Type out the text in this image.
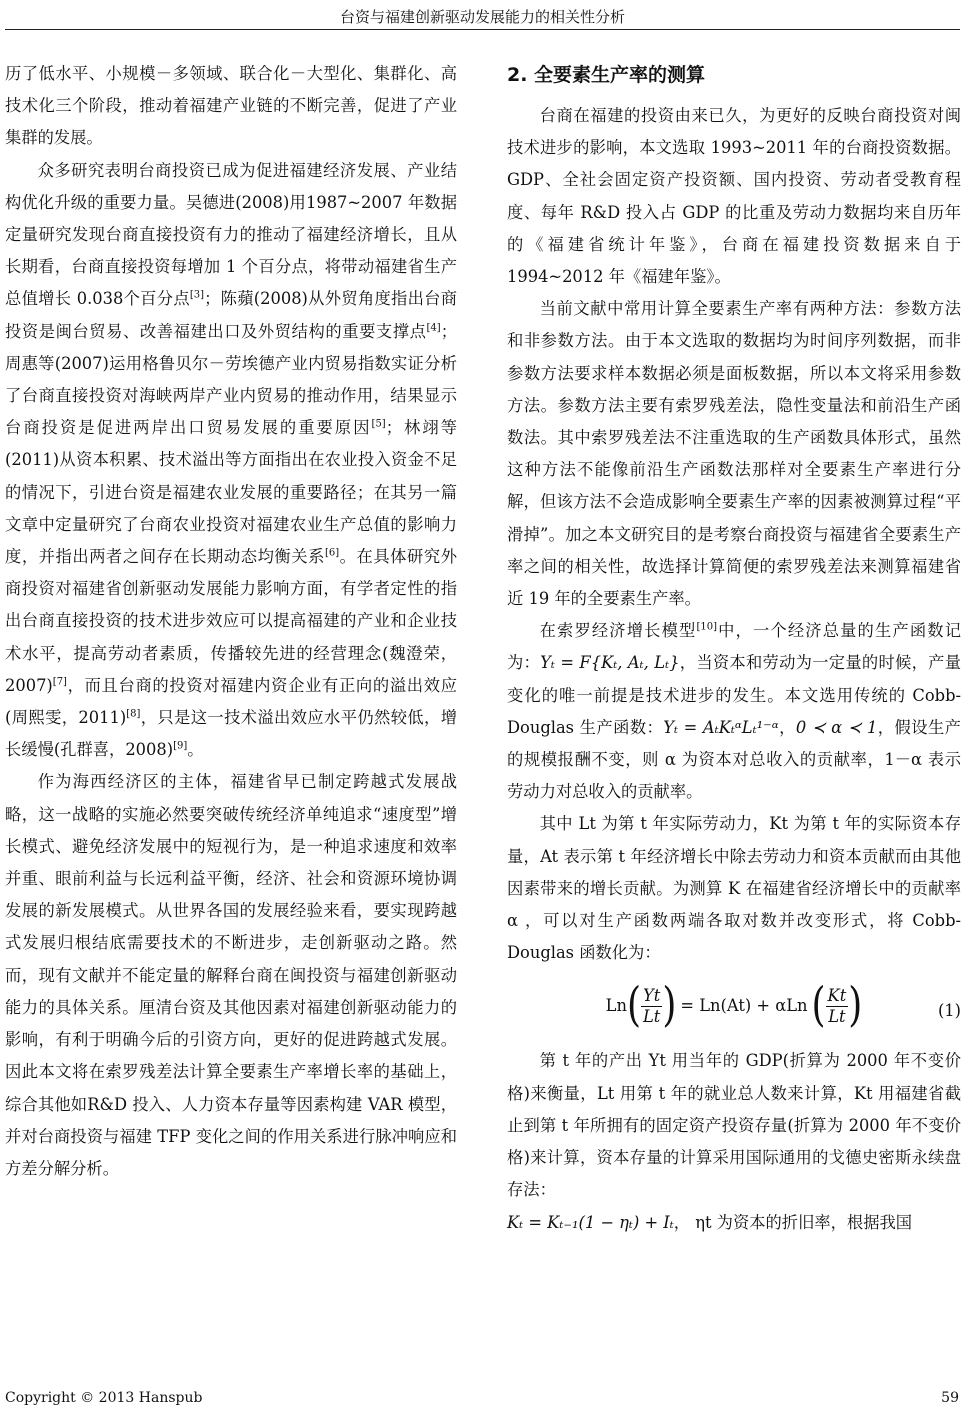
台资与福建创新驱动发展能力的相关性分析

历了低水平、小规模－多领域、联合化－大型化、集群化、高技术化三个阶段，推动着福建产业链的不断完善，促进了产业集群的发展。

众多研究表明台商投资已成为促进福建经济发展、产业结构优化升级的重要力量。吴德进(2008)用1987~2007 年数据定量研究发现台商直接投资有力的推动了福建经济增长，且从长期看，台商直接投资每增加 1 个百分点，将带动福建省生产总值增长 0.038个百分点[3]；陈蘋(2008)从外贸角度指出台商投资是闽台贸易、改善福建出口及外贸结构的重要支撑点[4]；周惠等(2007)运用格鲁贝尔－劳埃德产业内贸易指数实证分析了台商直接投资对海峡两岸产业内贸易的推动作用，结果显示台商投资是促进两岸出口贸易发展的重要原因[5]；林翊等(2011)从资本积累、技术溢出等方面指出在农业投入资金不足的情况下，引进台资是福建农业发展的重要路径；在其另一篇文章中定量研究了台商农业投资对福建农业生产总值的影响力度，并指出两者之间存在长期动态均衡关系[6]。在具体研究外商投资对福建省创新驱动发展能力影响方面，有学者定性的指出台商直接投资的技术进步效应可以提高福建的产业和企业技术水平，提高劳动者素质，传播较先进的经营理念(魏澄荣，2007)[7]，而且台商的投资对福建内资企业有正向的溢出效应(周熙雯，2011)[8]，只是这一技术溢出效应水平仍然较低，增长缓慢(孔群喜，2008)[9]。

作为海西经济区的主体，福建省早已制定跨越式发展战略，这一战略的实施必然要突破传统经济单纯追求“速度型”增长模式、避免经济发展中的短视行为，是一种追求速度和效率并重、眼前利益与长远利益平衡，经济、社会和资源环境协调发展的新发展模式。从世界各国的发展经验来看，要实现跨越式发展归根结底需要技术的不断进步，走创新驱动之路。然而，现有文献并不能定量的解释台商在闽投资与福建创新驱动能力的具体关系。厘清台资及其他因素对福建创新驱动能力的影响，有利于明确今后的引资方向，更好的促进跨越式发展。因此本文将在索罗残差法计算全要素生产率增长率的基础上，综合其他如R&D 投入、人力资本存量等因素构建 VAR 模型，并对台商投资与福建 TFP 变化之间的作用关系进行脉冲响应和方差分解分析。

2. 全要素生产率的测算

台商在福建的投资由来已久，为更好的反映台商投资对闽技术进步的影响，本文选取 1993~2011 年的台商投资数据。GDP、全社会固定资产投资额、国内投资、劳动者受教育程度、每年 R&D 投入占 GDP 的比重及劳动力数据均来自历年的《福建省统计年鉴》，台商在福建投资数据来自于 1994~2012 年《福建年鉴》。

当前文献中常用计算全要素生产率有两种方法：参数方法和非参数方法。由于本文选取的数据均为时间序列数据，而非参数方法要求样本数据必须是面板数据，所以本文将采用参数方法。参数方法主要有索罗残差法，隐性变量法和前沿生产函数法。其中索罗残差法不注重选取的生产函数具体形式，虽然这种方法不能像前沿生产函数法那样对全要素生产率进行分解，但该方法不会造成影响全要素生产率的因素被测算过程“平滑掉”。加之本文研究目的是考察台商投资与福建省全要素生产率之间的相关性，故选择计算简便的索罗残差法来测算福建省近 19 年的全要素生产率。

在索罗经济增长模型[10]中，一个经济总量的生产函数记为：Yₜ = F{Kₜ, Aₜ, Lₜ}，当资本和劳动为一定量的时候，产量变化的唯一前提是技术进步的发生。本文选用传统的 Cobb-Douglas 生产函数：Yₜ = AₜKₜᵅLₜ¹⁻ᵅ，0 ≺ α ≺ 1，假设生产的规模报酬不变，则 α 为资本对总收入的贡献率，1－α 表示劳动力对总收入的贡献率。

其中 Lt 为第 t 年实际劳动力，Kt 为第 t 年的实际资本存量，At 表示第 t 年经济增长中除去劳动力和资本贡献而由其他因素带来的增长贡献。为测算 K 在福建省经济增长中的贡献率 α ，可以对生产函数两端各取对数并改变形式，将 Cobb-Douglas 函数化为：

Ln ( $\frac{Yt}{Lt}$ ) = Ln(At) + αLn ( $\frac{Kt}{Lt}$ )	(1)

第 t 年的产出 Yt 用当年的 GDP(折算为 2000 年不变价格)来衡量，Lt 用第 t 年的就业总人数来计算，Kt 用福建省截止到第 t 年所拥有的固定资产投资存量(折算为 2000 年不变价格)来计算，资本存量的计算采用国际通用的戈德史密斯永续盘存法：

Kₜ = Kₜ₋₁(1 − ηₜ) + Iₜ， ηt 为资本的折旧率，根据我国

Copyright © 2013 Hanspub	59
